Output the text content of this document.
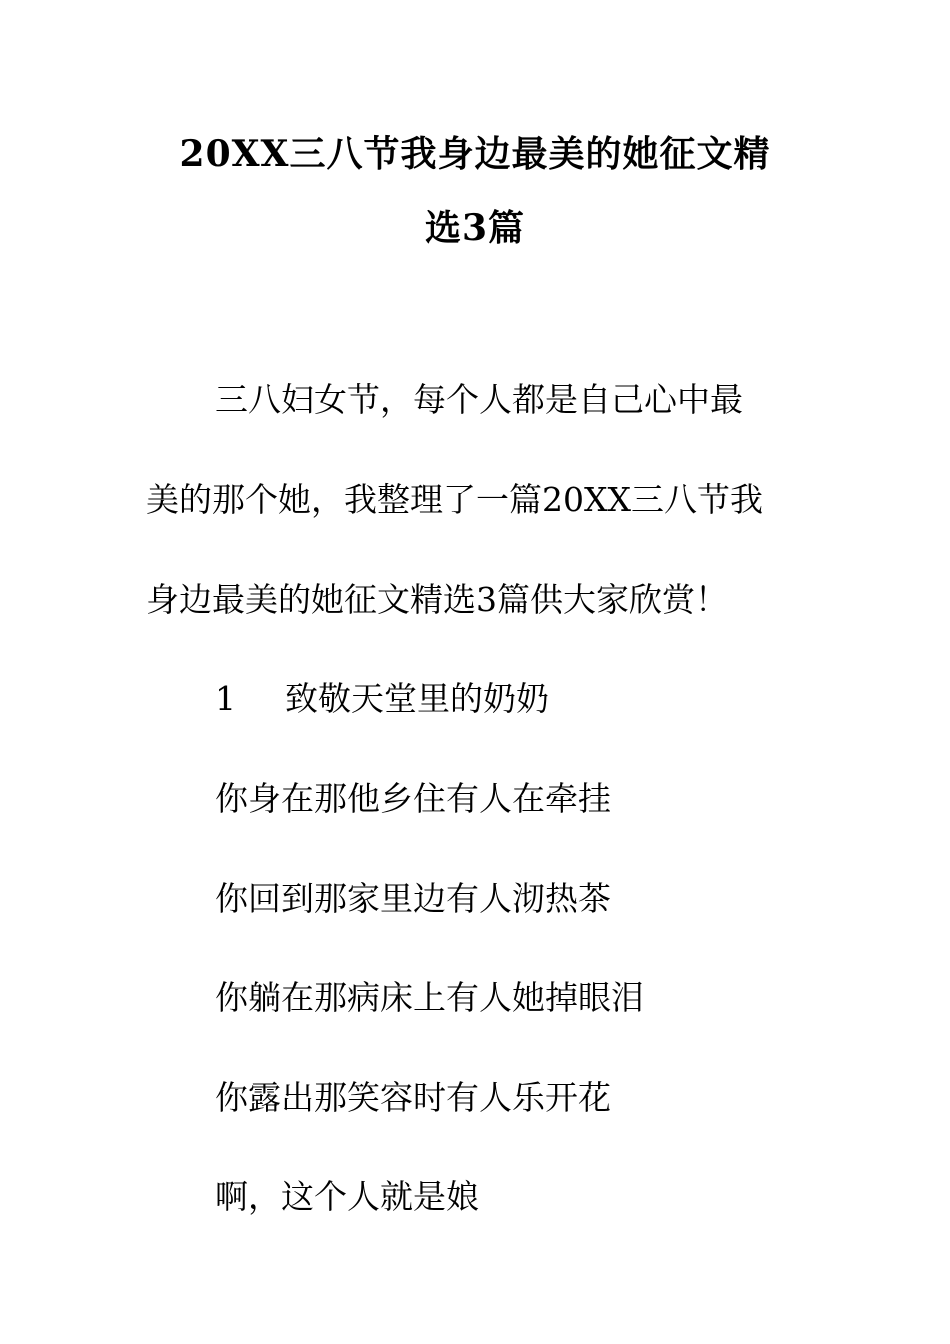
20XX三八节我身边最美的她征文精
选3篇
三八妇女节，每个人都是自己心中最
美的那个她，我整理了一篇20XX三八节我
身边最美的她征文精选3篇供大家欣赏！
1 致敬天堂里的奶奶
你身在那他乡住有人在牵挂
你回到那家里边有人沏热茶
你躺在那病床上有人她掉眼泪
你露出那笑容时有人乐开花
啊，这个人就是娘
